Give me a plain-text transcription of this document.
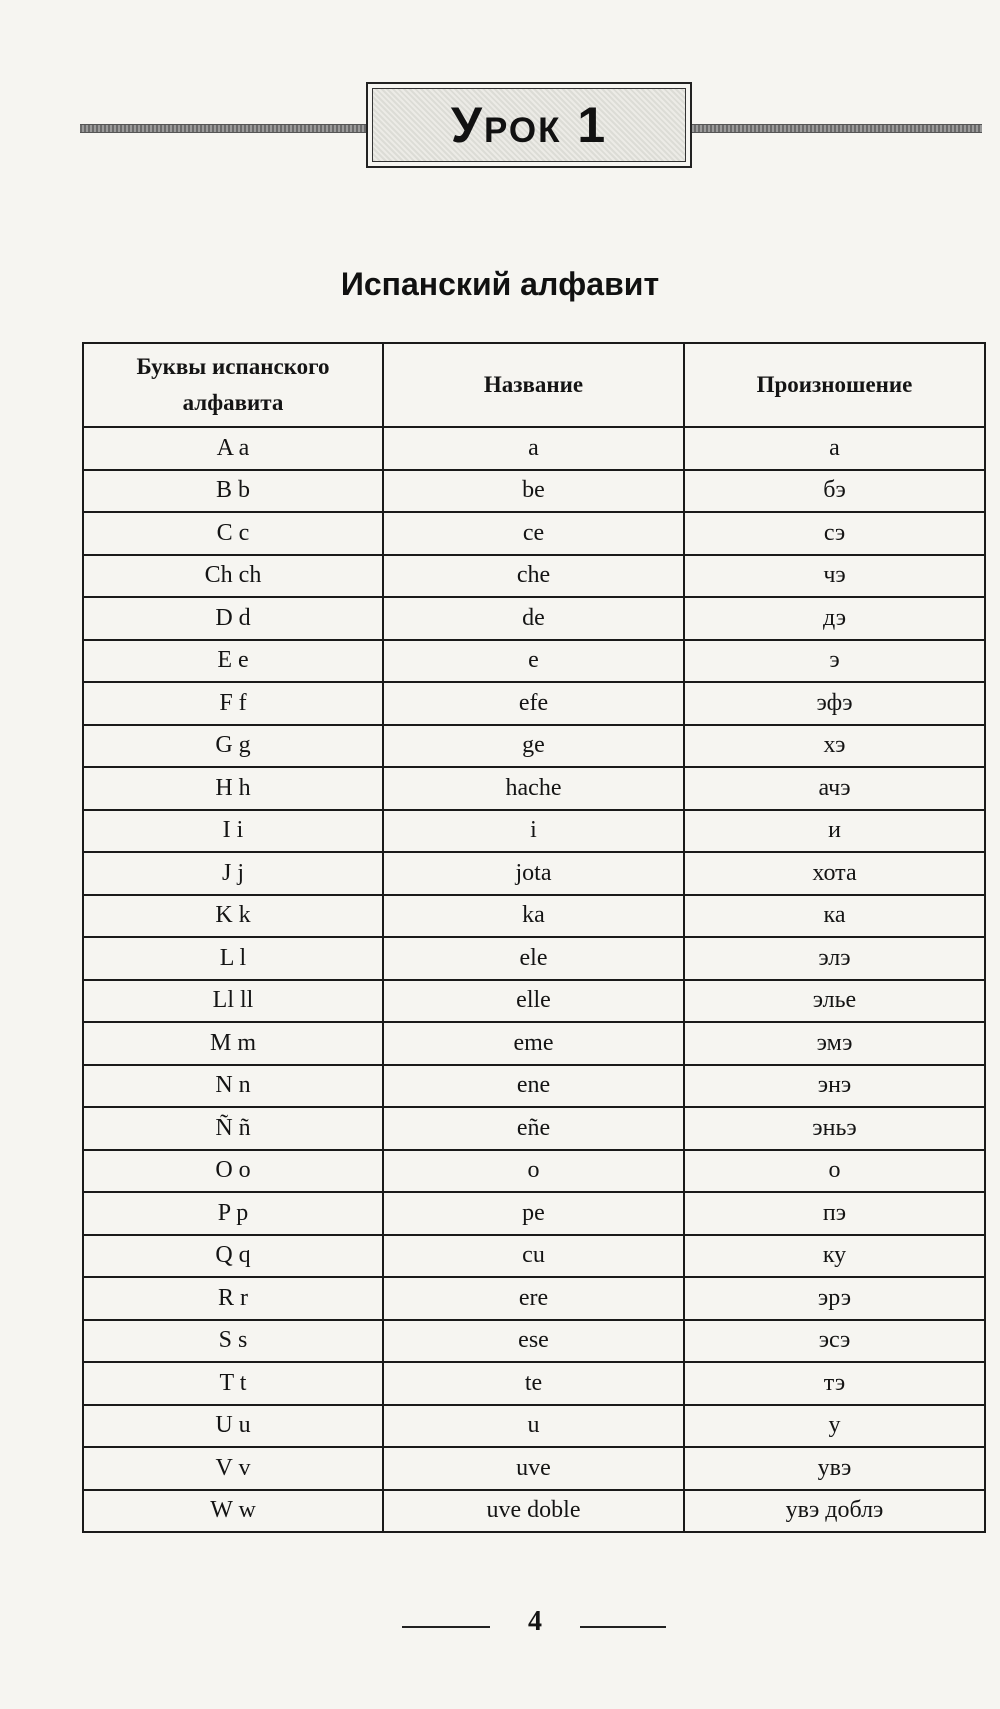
Урок 1
Испанский алфавит
Буквы испанского алфавита	Название	Произношение
A a	a	а
B b	be	бэ
C c	ce	сэ
Ch ch	che	чэ
D d	de	дэ
E e	e	э
F f	efe	эфэ
G g	ge	хэ
H h	hache	ачэ
I i	i	и
J j	jota	хота
K k	ka	ка
L l	ele	элэ
Ll ll	elle	эльe
M m	eme	эмэ
N n	ene	энэ
Ñ ñ	eñe	эньэ
O o	o	о
P p	pe	пэ
Q q	cu	ку
R r	ere	эрэ
S s	ese	эсэ
T t	te	тэ
U u	u	у
V v	uve	увэ
W w	uve doble	увэ доблэ
4
